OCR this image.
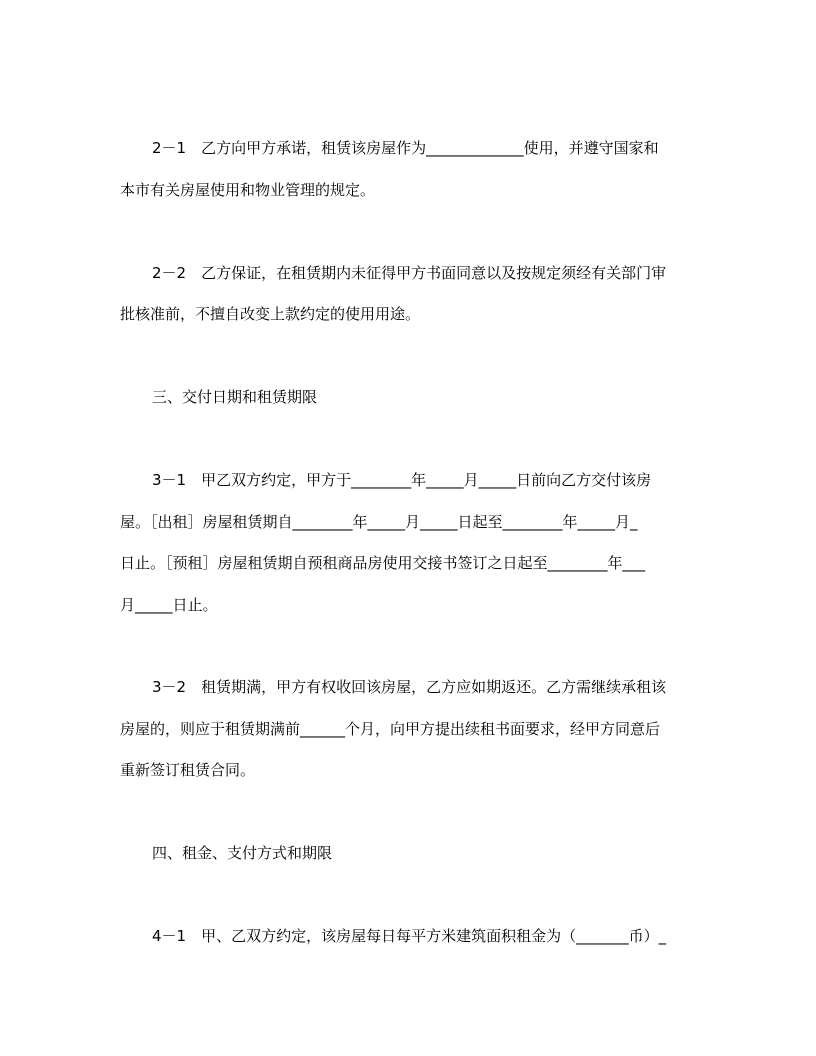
2－1　乙方向甲方承诺，租赁该房屋作为_____________使用，并遵守国家和

本市有关房屋使用和物业管理的规定。

2－2　乙方保证，在租赁期内未征得甲方书面同意以及按规定须经有关部门审

批核准前，不擅自改变上款约定的使用用途。

三、交付日期和租赁期限

3－1　甲乙双方约定，甲方于________年_____月_____日前向乙方交付该房

屋。［出租］房屋租赁期自________年_____月_____日起至________年_____月_

日止。［预租］房屋租赁期自预租商品房使用交接书签订之日起至________年___

月_____日止。

3－2　租赁期满，甲方有权收回该房屋，乙方应如期返还。乙方需继续承租该

房屋的，则应于租赁期满前______个月，向甲方提出续租书面要求，经甲方同意后

重新签订租赁合同。

四、租金、支付方式和期限

4－1　甲、乙双方约定，该房屋每日每平方米建筑面积租金为（_______币）_
